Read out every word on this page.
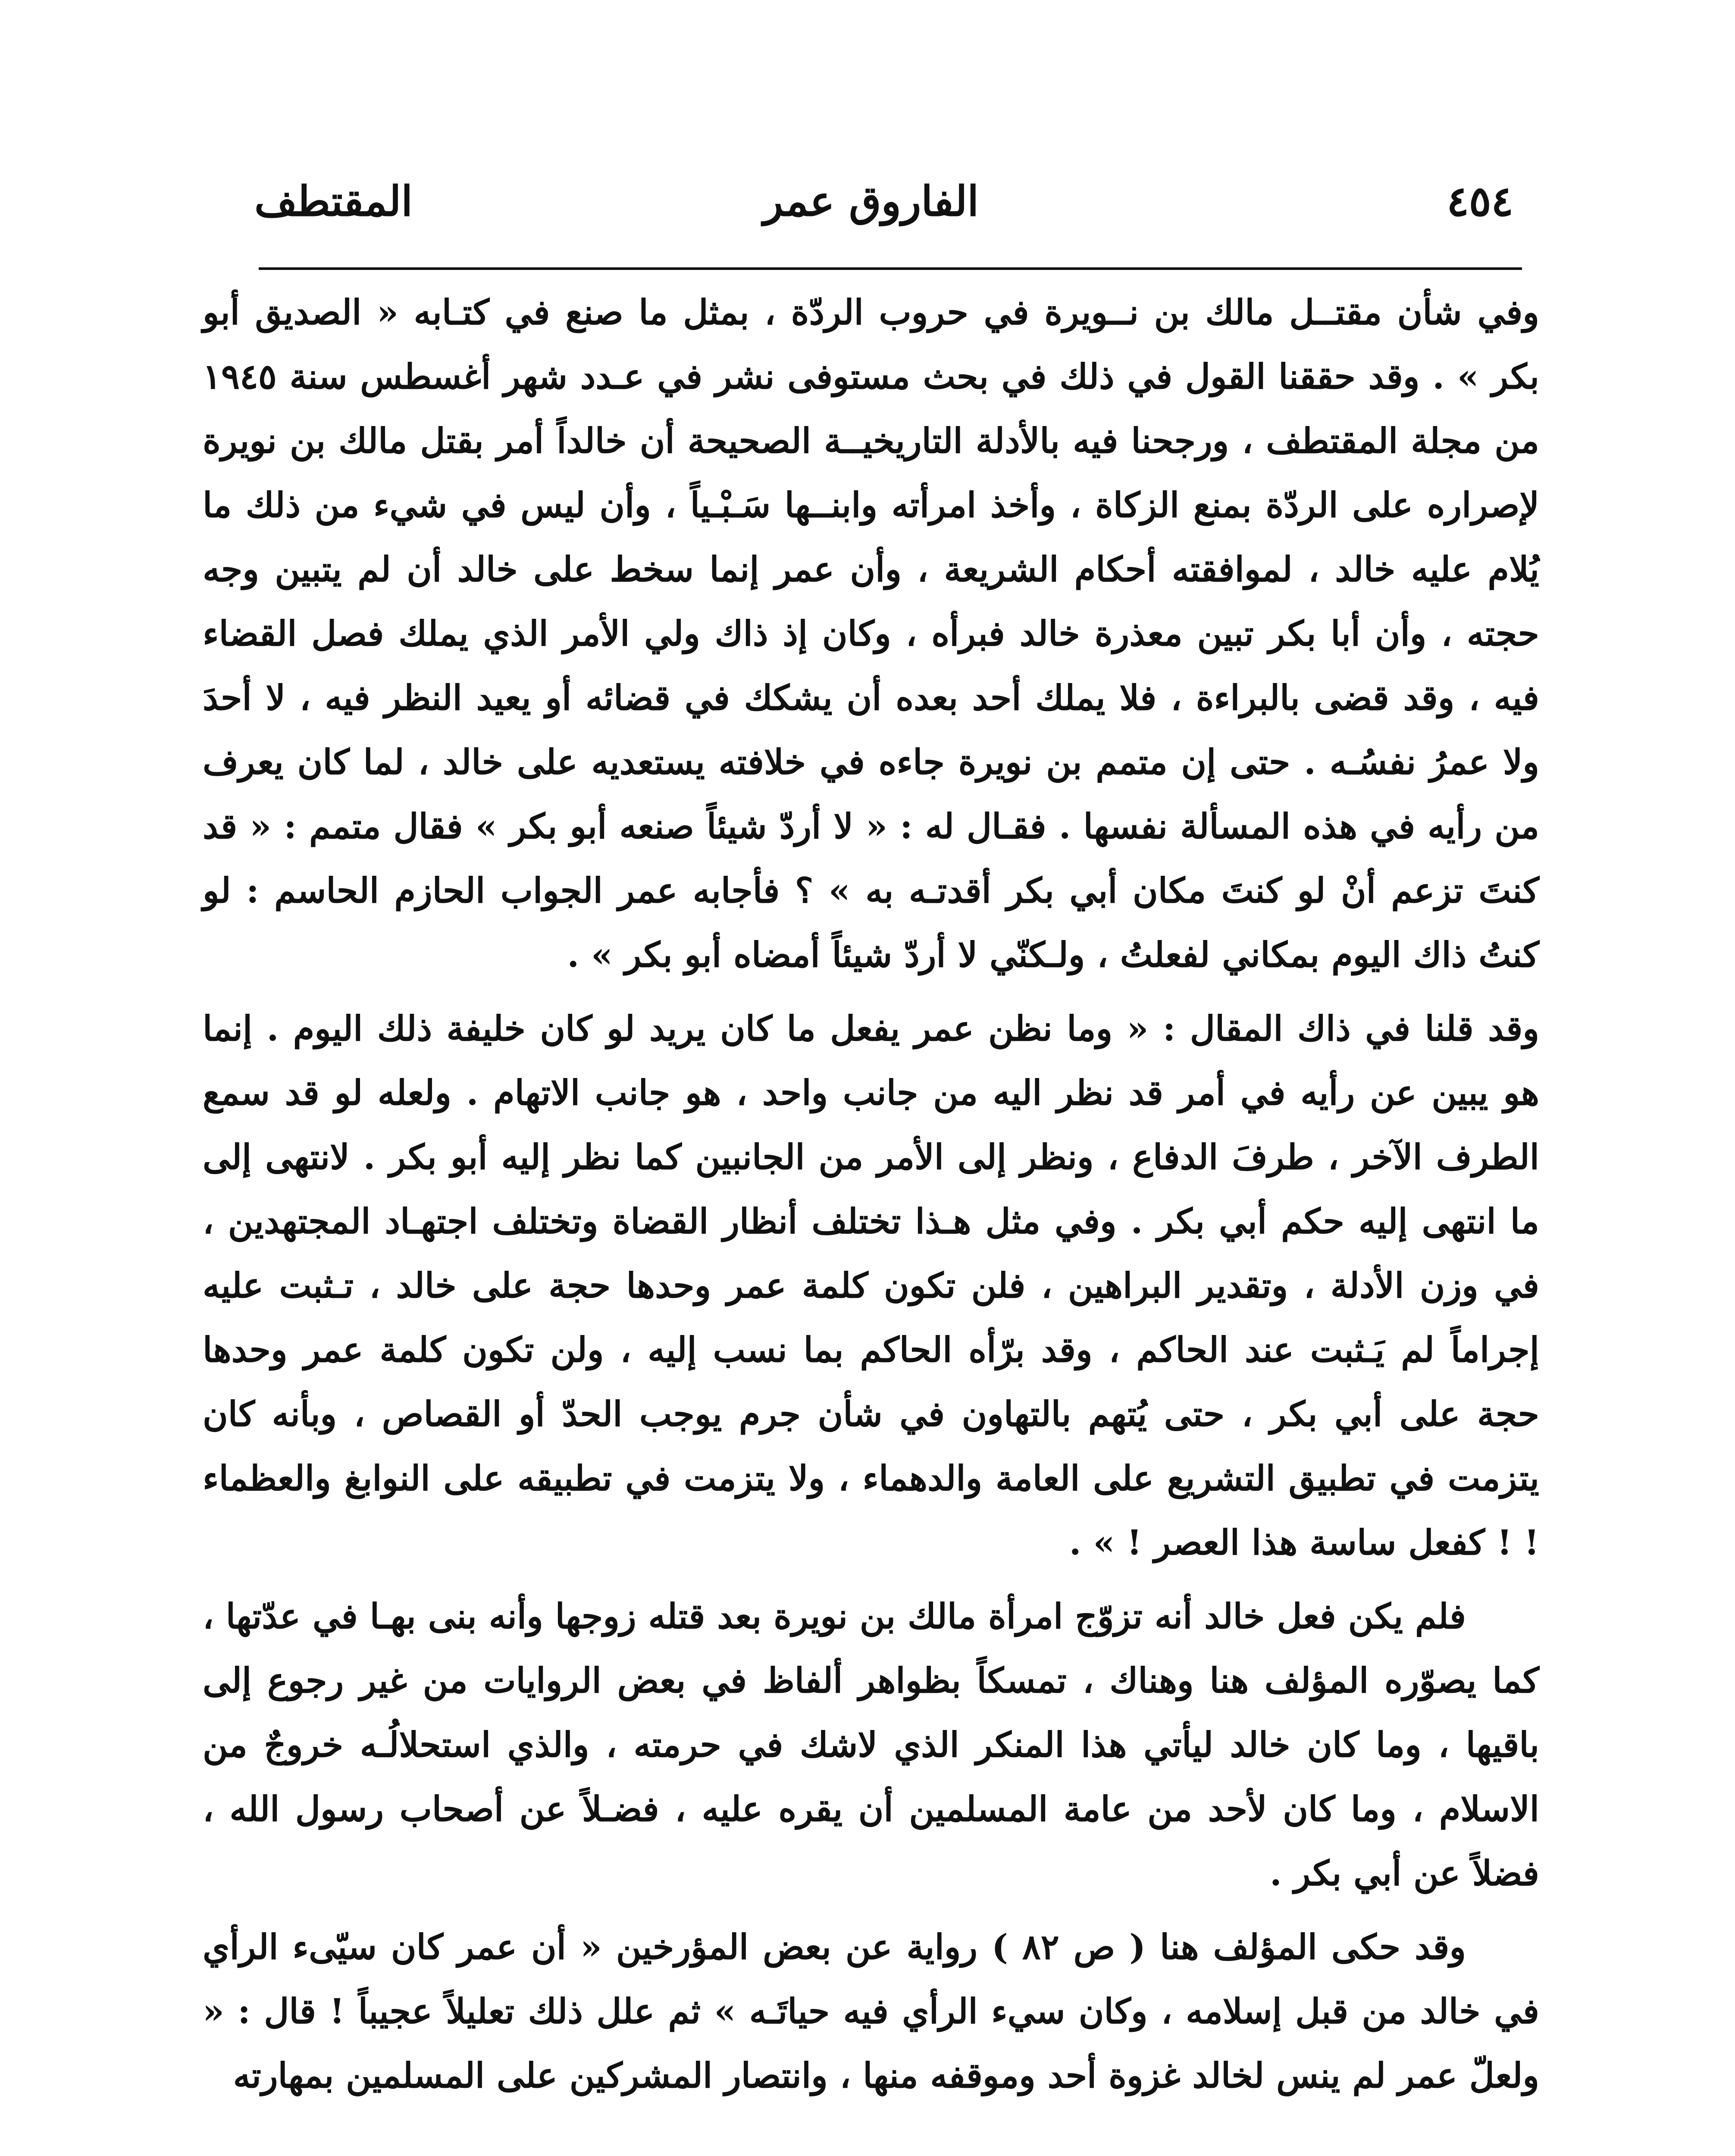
٤٥٤
الفاروق عمر
المقتطف

وفي شأن مقتــل مالك بن نــويرة في حروب الردّة ، بمثل ما صنع في كتـابه « الصديق أبو بكر » . وقد حققنا القول في ذلك في بحث مستوفى نشر في عـدد شهر أغسطس سنة ١٩٤٥ من مجلة المقتطف ، ورجحنا فيه بالأدلة التاريخيــة الصحيحة أن خالداً أمر بقتل مالك بن نويرة لإصراره على الردّة بمنع الزكاة ، وأخذ امرأته وابنــها سَـبْـياً ، وأن ليس في شيء من ذلك ما يُلام عليه خالد ، لموافقته أحكام الشريعة ، وأن عمر إنما سخط على خالد أن لم يتبين وجه حجته ، وأن أبا بكر تبين معذرة خالد فبرأه ، وكان إذ ذاك ولي الأمر الذي يملك فصل القضاء فيه ، وقد قضى بالبراءة ، فلا يملك أحد بعده أن يشكك في قضائه أو يعيد النظر فيه ، لا أحدَ ولا عمرُ نفسُـه . حتى إن متمم بن نويرة جاءه في خلافته يستعديه على خالد ، لما كان يعرف من رأيه في هذه المسألة نفسها . فقـال له : « لا أردّ شيئاً صنعه أبو بكر » فقال متمم : « قد كنتَ تزعم أنْ لو كنتَ مكان أبي بكر أقدتـه به » ؟ فأجابه عمر الجواب الحازم الحاسم : لو كنتُ ذاك اليوم بمكاني لفعلتُ ، ولـكنّي لا أردّ شيئاً أمضاه أبو بكر » .

وقد قلنا في ذاك المقال : « وما نظن عمر يفعل ما كان يريد لو كان خليفة ذلك اليوم . إنما هو يبين عن رأيه في أمر قد نظر اليه من جانب واحد ، هو جانب الاتهام . ولعله لو قد سمع الطرف الآخر ، طرفَ الدفاع ، ونظر إلى الأمر من الجانبين كما نظر إليه أبو بكر . لانتهى إلى ما انتهى إليه حكم أبي بكر . وفي مثل هـذا تختلف أنظار القضاة وتختلف اجتهـاد المجتهدين ، في وزن الأدلة ، وتقدير البراهين ، فلن تكون كلمة عمر وحدها حجة على خالد ، تـثبت عليه إجراماً لم يَـثبت عند الحاكم ، وقد برّأه الحاكم بما نسب إليه ، ولن تكون كلمة عمر وحدها حجة على أبي بكر ، حتى يُتهم بالتهاون في شأن جرم يوجب الحدّ أو القصاص ، وبأنه كان يتزمت في تطبيق التشريع على العامة والدهماء ، ولا يتزمت في تطبيقه على النوابغ والعظماء ! ! كفعل ساسة هذا العصر ! » .

فلم يكن فعل خالد أنه تزوّج امرأة مالك بن نويرة بعد قتله زوجها وأنه بنى بهـا في عدّتها ، كما يصوّره المؤلف هنا وهناك ، تمسكاً بظواهر ألفاظ في بعض الروايات من غير رجوع إلى باقيها ، وما كان خالد ليأتي هذا المنكر الذي لاشك في حرمته ، والذي استحلالُـه خروجٌ من الاسلام ، وما كان لأحد من عامة المسلمين أن يقره عليه ، فضـلاً عن أصحاب رسول الله ، فضلاً عن أبي بكر .

وقد حكى المؤلف هنا ( ص ٨٢ ) رواية عن بعض المؤرخين « أن عمر كان سيّىء الرأي في خالد من قبل إسلامه ، وكان سيء الرأي فيه حياتَـه » ثم علل ذلك تعليلاً عجيباً ! قال : « ولعلّ عمر لم ينس لخالد غزوة أحد وموقفه منها ، وانتصار المشركين على المسلمين بمهارته
